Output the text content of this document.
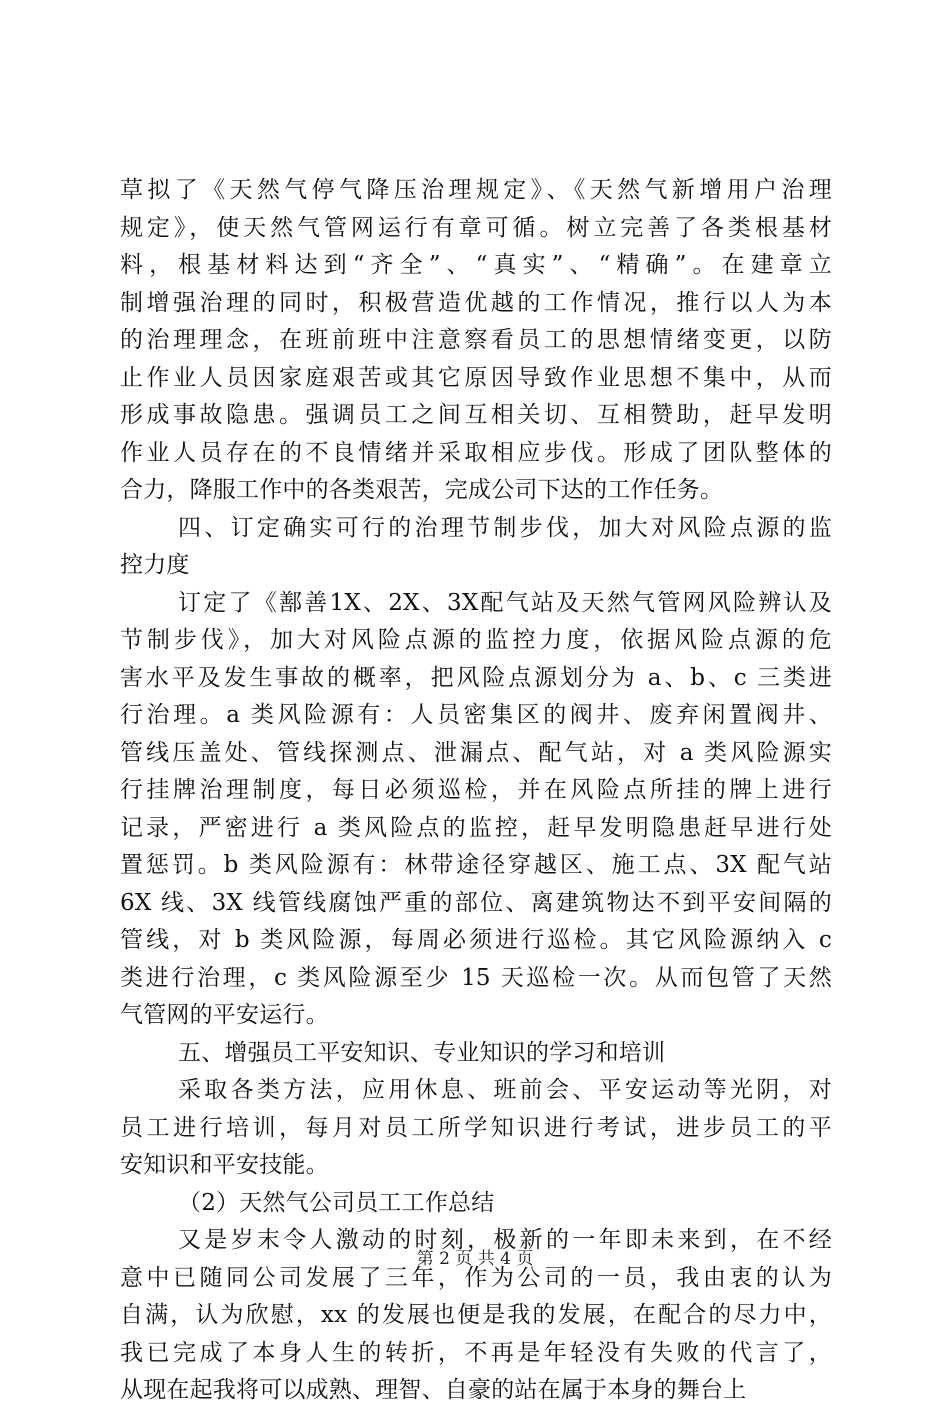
草拟了《天然气停气降压治理规定》、《天然气新增用户治理
规定》，使天然气管网运行有章可循。树立完善了各类根基材
料，根基材料达到“齐全”、“真实”、“精确”。在建章立
制增强治理的同时，积极营造优越的工作情况，推行以人为本
的治理理念，在班前班中注意察看员工的思想情绪变更，以防
止作业人员因家庭艰苦或其它原因导致作业思想不集中，从而
形成事故隐患。强调员工之间互相关切、互相赞助，赶早发明
作业人员存在的不良情绪并采取相应步伐。形成了团队整体的
合力，降服工作中的各类艰苦，完成公司下达的工作任务。
四、订定确实可行的治理节制步伐，加大对风险点源的监
控力度
订定了《鄯善1X、2X、3X配气站及天然气管网风险辨认及
节制步伐》，加大对风险点源的监控力度，依据风险点源的危
害水平及发生事故的概率，把风险点源划分为 a、b、c 三类进
行治理。a 类风险源有：人员密集区的阀井、废弃闲置阀井、
管线压盖处、管线探测点、泄漏点、配气站，对 a 类风险源实
行挂牌治理制度，每日必须巡检，并在风险点所挂的牌上进行
记录，严密进行 a 类风险点的监控，赶早发明隐患赶早进行处
置惩罚。b 类风险源有：林带途径穿越区、施工点、3X 配气站
6X 线、3X 线管线腐蚀严重的部位、离建筑物达不到平安间隔的
管线，对 b 类风险源，每周必须进行巡检。其它风险源纳入 c
类进行治理，c 类风险源至少 15 天巡检一次。从而包管了天然
气管网的平安运行。
五、增强员工平安知识、专业知识的学习和培训
采取各类方法，应用休息、班前会、平安运动等光阴，对
员工进行培训，每月对员工所学知识进行考试，进步员工的平
安知识和平安技能。
（2）天然气公司员工工作总结
又是岁末令人激动的时刻，极新的一年即未来到，在不经
意中已随同公司发展了三年，作为公司的一员，我由衷的认为
自满，认为欣慰，xx 的发展也便是我的发展，在配合的尽力中，
我已完成了本身人生的转折，不再是年轻没有失败的代言了，
从现在起我将可以成熟、理智、自豪的站在属于本身的舞台上
第 2 页 共 4 页
